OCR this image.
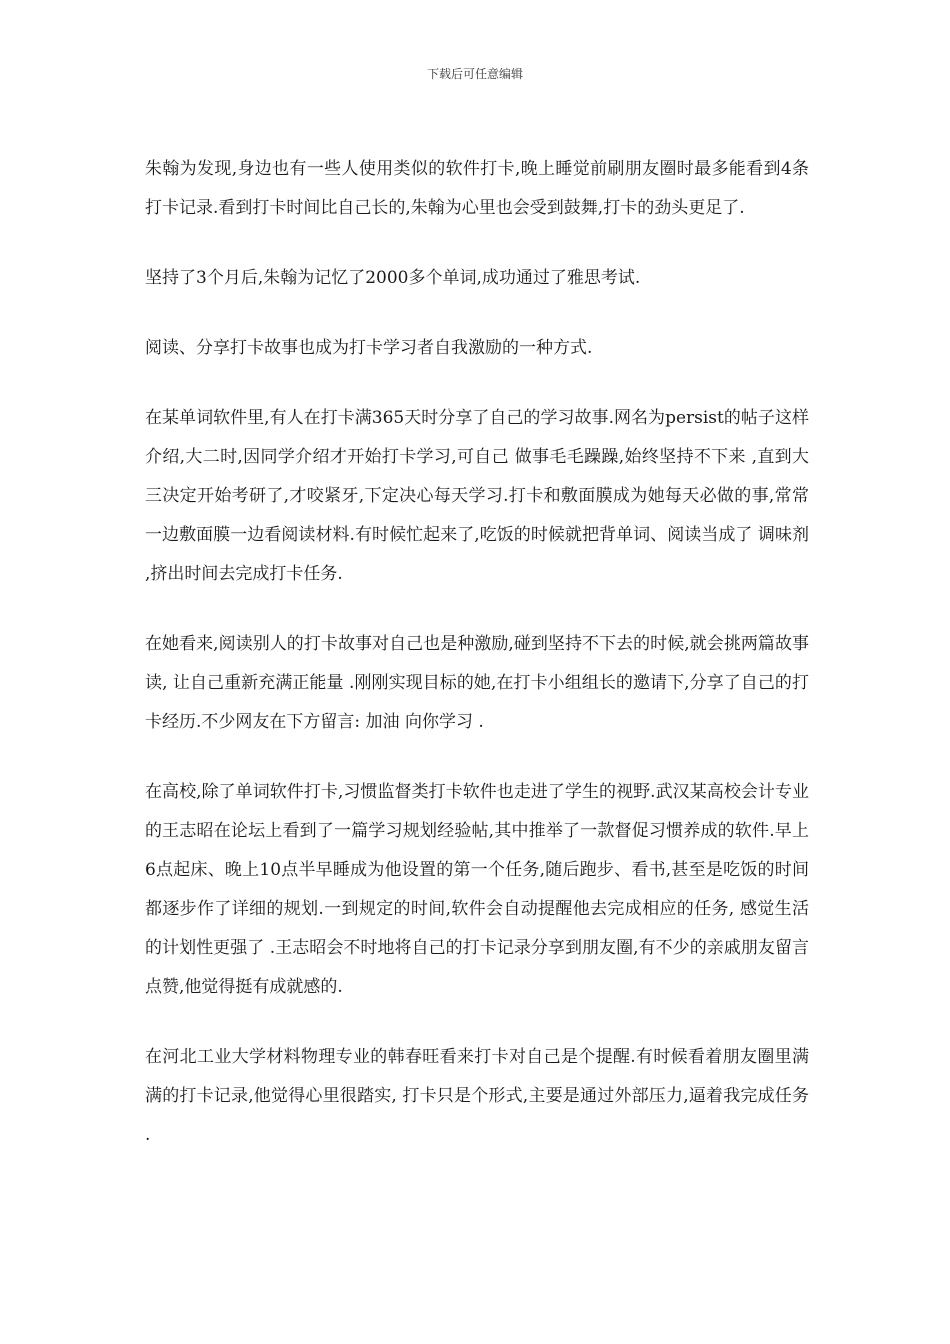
下载后可任意编辑

朱翰为发现,身边也有一些人使用类似的软件打卡,晚上睡觉前刷朋友圈时最多能看到4条打卡记录.看到打卡时间比自己长的,朱翰为心里也会受到鼓舞,打卡的劲头更足了.

坚持了3个月后,朱翰为记忆了2000多个单词,成功通过了雅思考试.

阅读、分享打卡故事也成为打卡学习者自我激励的一种方式.

在某单词软件里,有人在打卡满365天时分享了自己的学习故事.网名为persist的帖子这样介绍,大二时,因同学介绍才开始打卡学习,可自己 做事毛毛躁躁,始终坚持不下来 ,直到大三决定开始考研了,才咬紧牙,下定决心每天学习.打卡和敷面膜成为她每天必做的事,常常一边敷面膜一边看阅读材料.有时候忙起来了,吃饭的时候就把背单词、阅读当成了 调味剂 ,挤出时间去完成打卡任务.

在她看来,阅读别人的打卡故事对自己也是种激励,碰到坚持不下去的时候,就会挑两篇故事读, 让自己重新充满正能量 .刚刚实现目标的她,在打卡小组组长的邀请下,分享了自己的打卡经历.不少网友在下方留言: 加油 向你学习 .

在高校,除了单词软件打卡,习惯监督类打卡软件也走进了学生的视野.武汉某高校会计专业的王志昭在论坛上看到了一篇学习规划经验帖,其中推举了一款督促习惯养成的软件.早上6点起床、晚上10点半早睡成为他设置的第一个任务,随后跑步、看书,甚至是吃饭的时间都逐步作了详细的规划.一到规定的时间,软件会自动提醒他去完成相应的任务, 感觉生活的计划性更强了 .王志昭会不时地将自己的打卡记录分享到朋友圈,有不少的亲戚朋友留言点赞,他觉得挺有成就感的.

在河北工业大学材料物理专业的韩春旺看来打卡对自己是个提醒.有时候看着朋友圈里满满的打卡记录,他觉得心里很踏实, 打卡只是个形式,主要是通过外部压力,逼着我完成任务 .
